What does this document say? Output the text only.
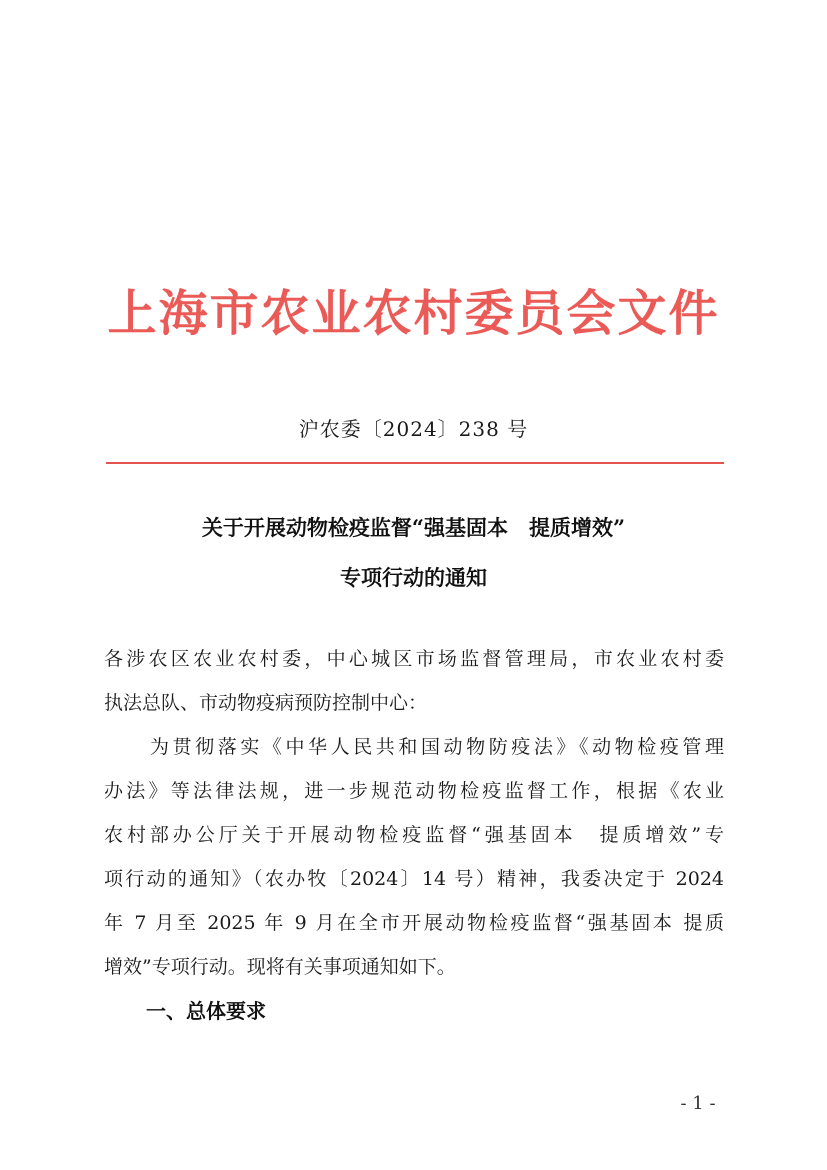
上海市农业农村委员会文件
沪农委〔2024〕238 号
关于开展动物检疫监督“强基固本　提质增效”
专项行动的通知
各涉农区农业农村委，中心城区市场监督管理局，市农业农村委
执法总队、市动物疫病预防控制中心：
为贯彻落实《中华人民共和国动物防疫法》《动物检疫管理
办法》等法律法规，进一步规范动物检疫监督工作，根据《农业
农村部办公厅关于开展动物检疫监督“强基固本　提质增效”专
项行动的通知》（农办牧〔2024〕14 号）精神，我委决定于 2024
年 7 月至 2025 年 9 月在全市开展动物检疫监督“强基固本 提质
增效”专项行动。现将有关事项通知如下。
一、总体要求
- 1 -
